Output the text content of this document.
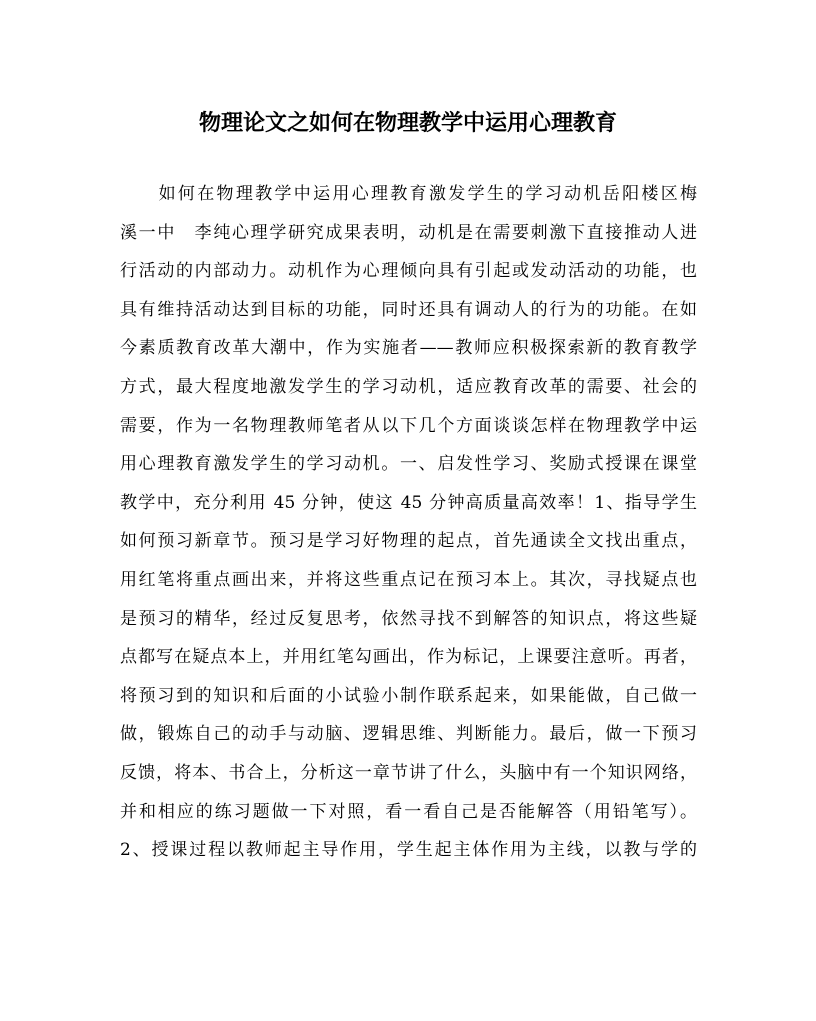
物理论文之如何在物理教学中运用心理教育
　　如何在物理教学中运用心理教育激发学生的学习动机岳阳楼区梅
溪一中　李纯心理学研究成果表明，动机是在需要刺激下直接推动人进
行活动的内部动力。动机作为心理倾向具有引起或发动活动的功能，也
具有维持活动达到目标的功能，同时还具有调动人的行为的功能。在如
今素质教育改革大潮中，作为实施者——教师应积极探索新的教育教学
方式，最大程度地激发学生的学习动机，适应教育改革的需要、社会的
需要，作为一名物理教师笔者从以下几个方面谈谈怎样在物理教学中运
用心理教育激发学生的学习动机。一、启发性学习、奖励式授课在课堂
教学中，充分利用 45 分钟，使这 45 分钟高质量高效率！1、指导学生
如何预习新章节。预习是学习好物理的起点，首先通读全文找出重点，
用红笔将重点画出来，并将这些重点记在预习本上。其次，寻找疑点也
是预习的精华，经过反复思考，依然寻找不到解答的知识点，将这些疑
点都写在疑点本上，并用红笔勾画出，作为标记，上课要注意听。再者，
将预习到的知识和后面的小试验小制作联系起来，如果能做，自己做一
做，锻炼自己的动手与动脑、逻辑思维、判断能力。最后，做一下预习
反馈，将本、书合上，分析这一章节讲了什么，头脑中有一个知识网络，
并和相应的练习题做一下对照，看一看自己是否能解答（用铅笔写）。
2、授课过程以教师起主导作用，学生起主体作用为主线，以教与学的
